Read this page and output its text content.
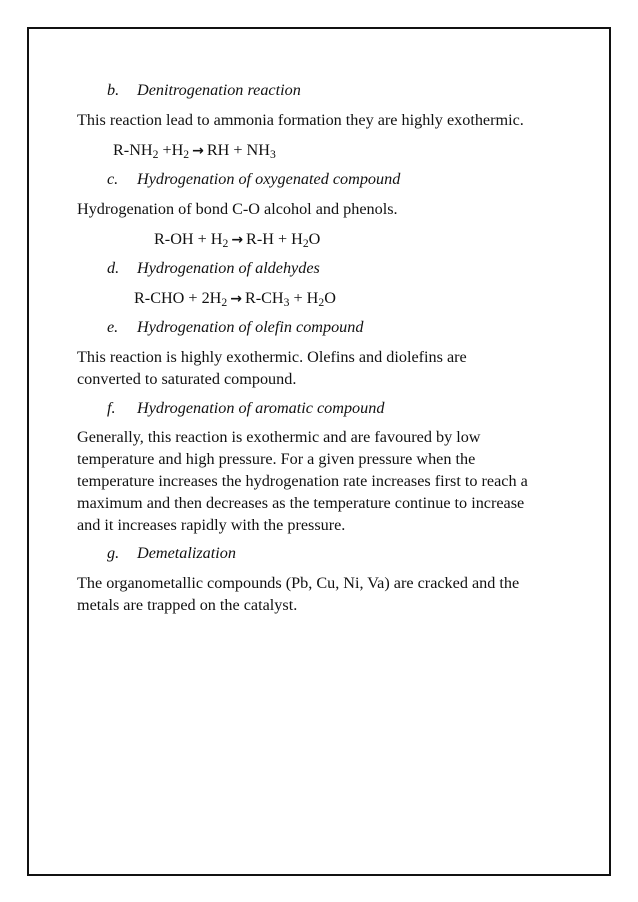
b. Denitrogenation reaction
This reaction lead to ammonia formation they are highly exothermic.
$R-NH_2 +H_2$ → RH + $NH_3$
c. Hydrogenation of oxygenated compound
Hydrogenation of bond C-O alcohol and phenols.
$R-OH + H_2 \to R-H + H_2O$
d. Hydrogenation of aldehydes
$R-CHO + 2H_2 \to R-CH_3 + H_2O$
e. Hydrogenation of olefin compound
This reaction is highly exothermic. Olefins and diolefins are
converted to saturated compound.
f. Hydrogenation of aromatic compound
Generally, this reaction is exothermic and are favoured by low
temperature and high pressure. For a given pressure when the
temperature increases the hydrogenation rate increases first to reach a
maximum and then decreases as the temperature continue to increase
and it increases rapidly with the pressure.
g. Demetalization
The organometallic compounds (Pb, Cu, Ni, Va) are cracked and the
metals are trapped on the catalyst.
